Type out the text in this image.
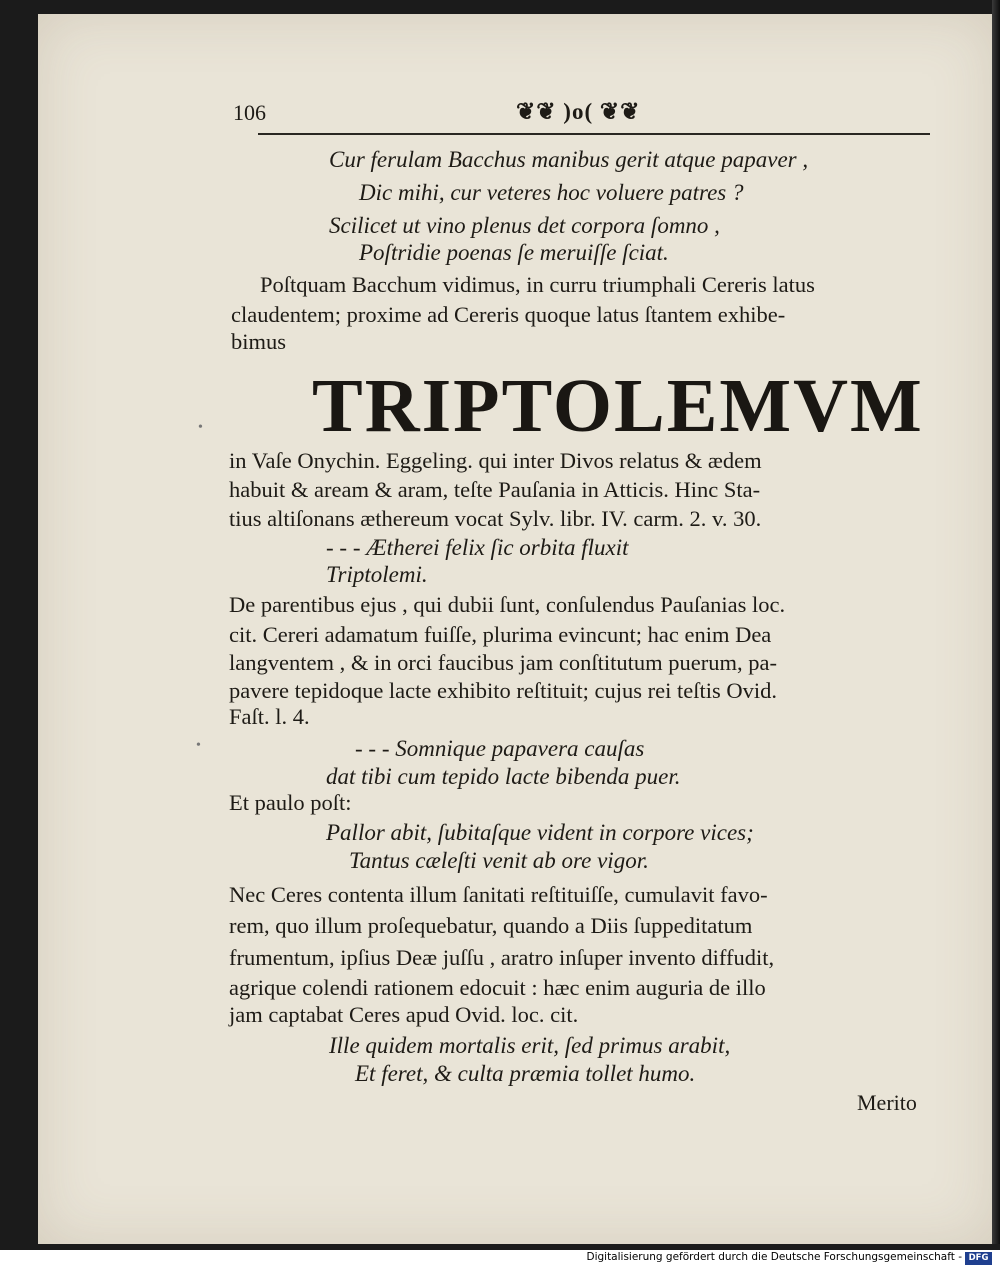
106	❦❦ )o( ❦❦
Cur ferulam Bacchus manibus gerit atque papaver ,
Dic mihi, cur veteres hoc voluere patres ?
Scilicet ut vino plenus det corpora ſomno ,
Poſtridie poenas ſe meruiſſe ſciat.
Poſtquam Bacchum vidimus, in curru triumphali Cereris latus
claudentem; proxime ad Cereris quoque latus ſtantem exhibe-
bimus
TRIPTOLEMVM
in Vaſe Onychin. Eggeling. qui inter Divos relatus & ædem
habuit & aream & aram, teſte Pauſania in Atticis. Hinc Sta-
tius altiſonans æthereum vocat Sylv. libr. IV. carm. 2. v. 30.
- - - Ætherei felix ſic orbita fluxit
Triptolemi.
De parentibus ejus , qui dubii ſunt, conſulendus Pauſanias loc.
cit. Cereri adamatum fuiſſe, plurima evincunt; hac enim Dea
langventem , & in orci faucibus jam conſtitutum puerum, pa-
pavere tepidoque lacte exhibito reſtituit; cujus rei teſtis Ovid.
Faſt. l. 4.
- - - Somnique papavera cauſas
dat tibi cum tepido lacte bibenda puer.
Et paulo poſt:
Pallor abit, ſubitaſque vident in corpore vices;
Tantus cæleſti venit ab ore vigor.
Nec Ceres contenta illum ſanitati reſtituiſſe, cumulavit favo-
rem, quo illum proſequebatur, quando a Diis ſuppeditatum
frumentum, ipſius Deæ juſſu , aratro inſuper invento diffudit,
agrique colendi rationem edocuit : hæc enim auguria de illo
jam captabat Ceres apud Ovid. loc. cit.
Ille quidem mortalis erit, ſed primus arabit,
Et feret, & culta præmia tollet humo.
Merito
•
•
Digitalisierung gefördert durch die Deutsche Forschungsgemeinschaft - DFG
